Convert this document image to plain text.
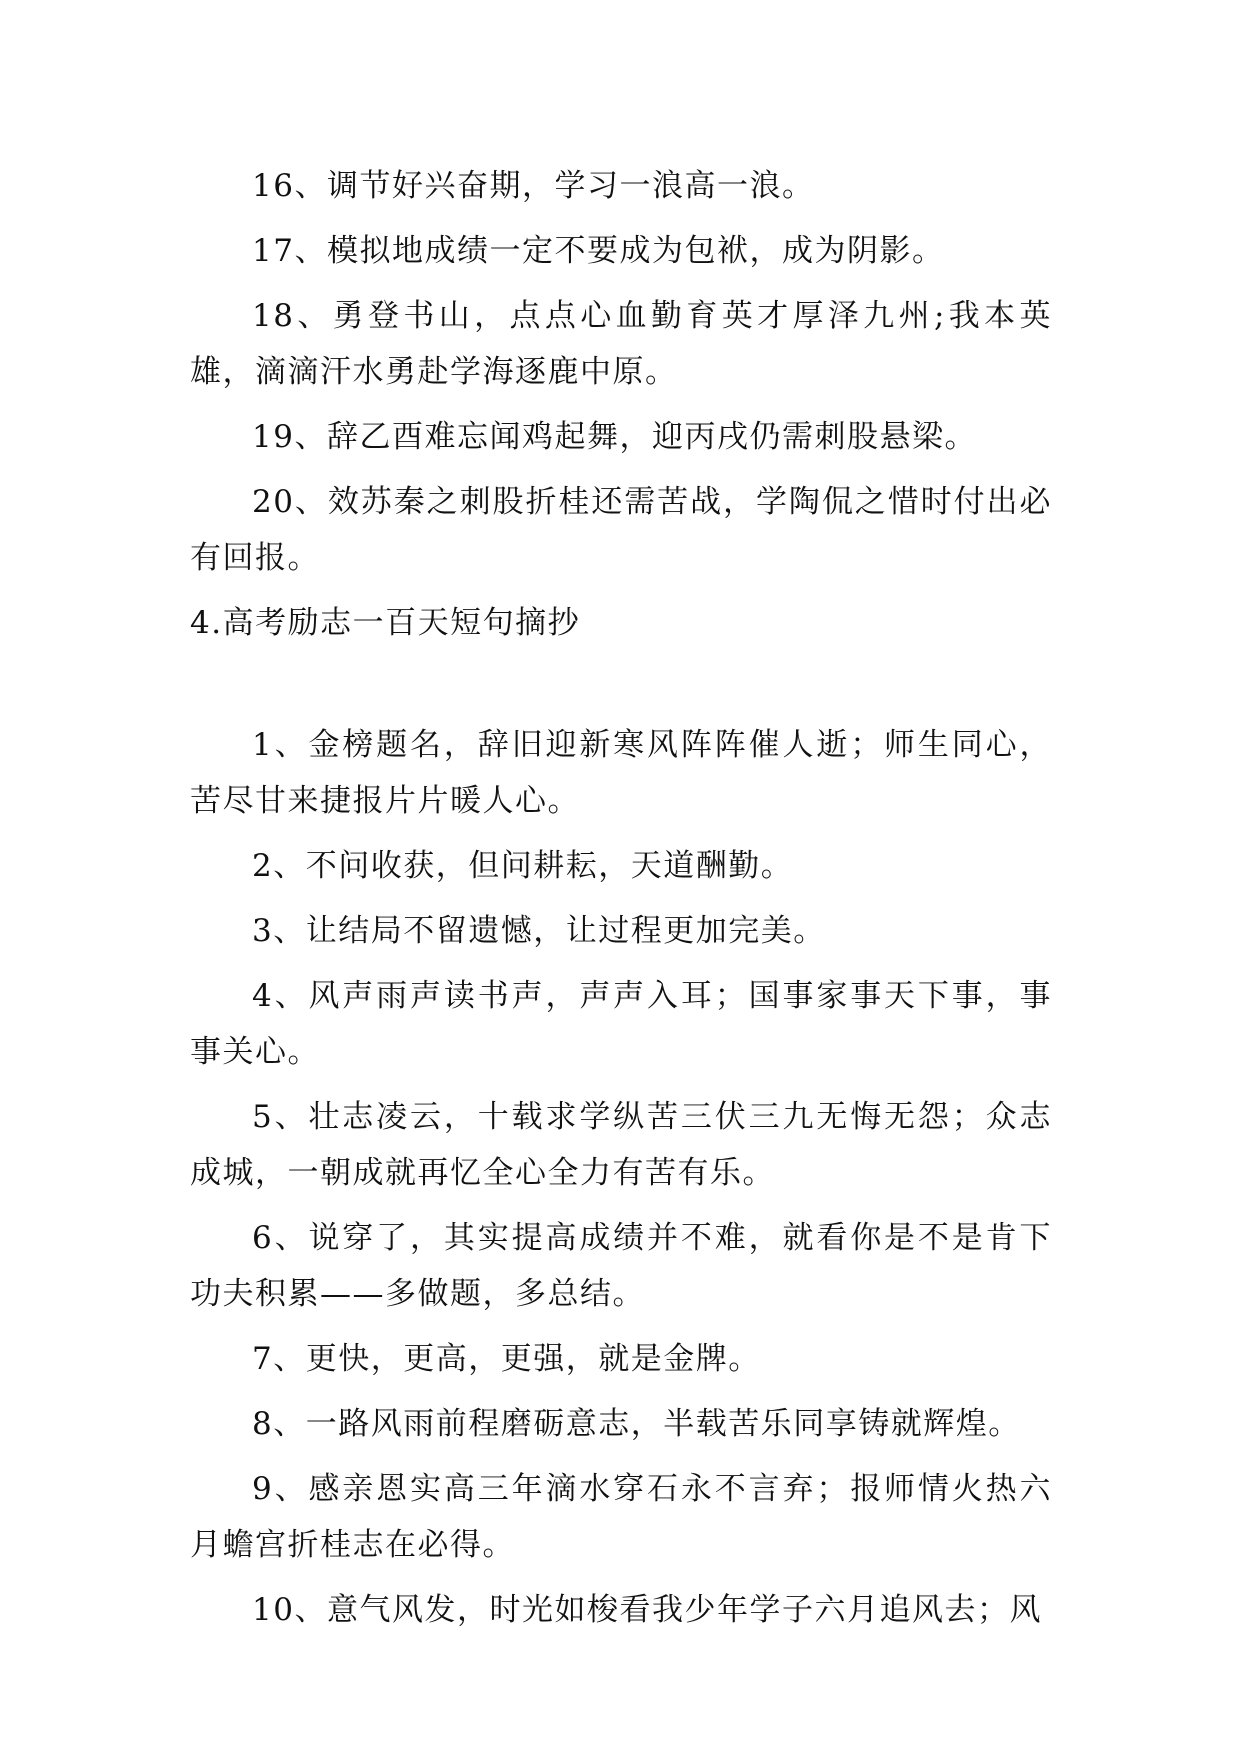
16、调节好兴奋期，学习一浪高一浪。

17、模拟地成绩一定不要成为包袱，成为阴影。

18、勇登书山，点点心血勤育英才厚泽九州;我本英雄，滴滴汗水勇赴学海逐鹿中原。

19、辞乙酉难忘闻鸡起舞，迎丙戌仍需刺股悬梁。

20、效苏秦之刺股折桂还需苦战，学陶侃之惜时付出必有回报。

4.高考励志一百天短句摘抄

1、金榜题名，辞旧迎新寒风阵阵催人逝；师生同心，苦尽甘来捷报片片暖人心。

2、不问收获，但问耕耘，天道酬勤。

3、让结局不留遗憾，让过程更加完美。

4、风声雨声读书声，声声入耳；国事家事天下事，事事关心。

5、壮志凌云，十载求学纵苦三伏三九无悔无怨；众志成城，一朝成就再忆全心全力有苦有乐。

6、说穿了，其实提高成绩并不难，就看你是不是肯下功夫积累——多做题，多总结。

7、更快，更高，更强，就是金牌。

8、一路风雨前程磨砺意志，半载苦乐同享铸就辉煌。

9、感亲恩实高三年滴水穿石永不言弃；报师情火热六月蟾宫折桂志在必得。

10、意气风发，时光如梭看我少年学子六月追风去；风
